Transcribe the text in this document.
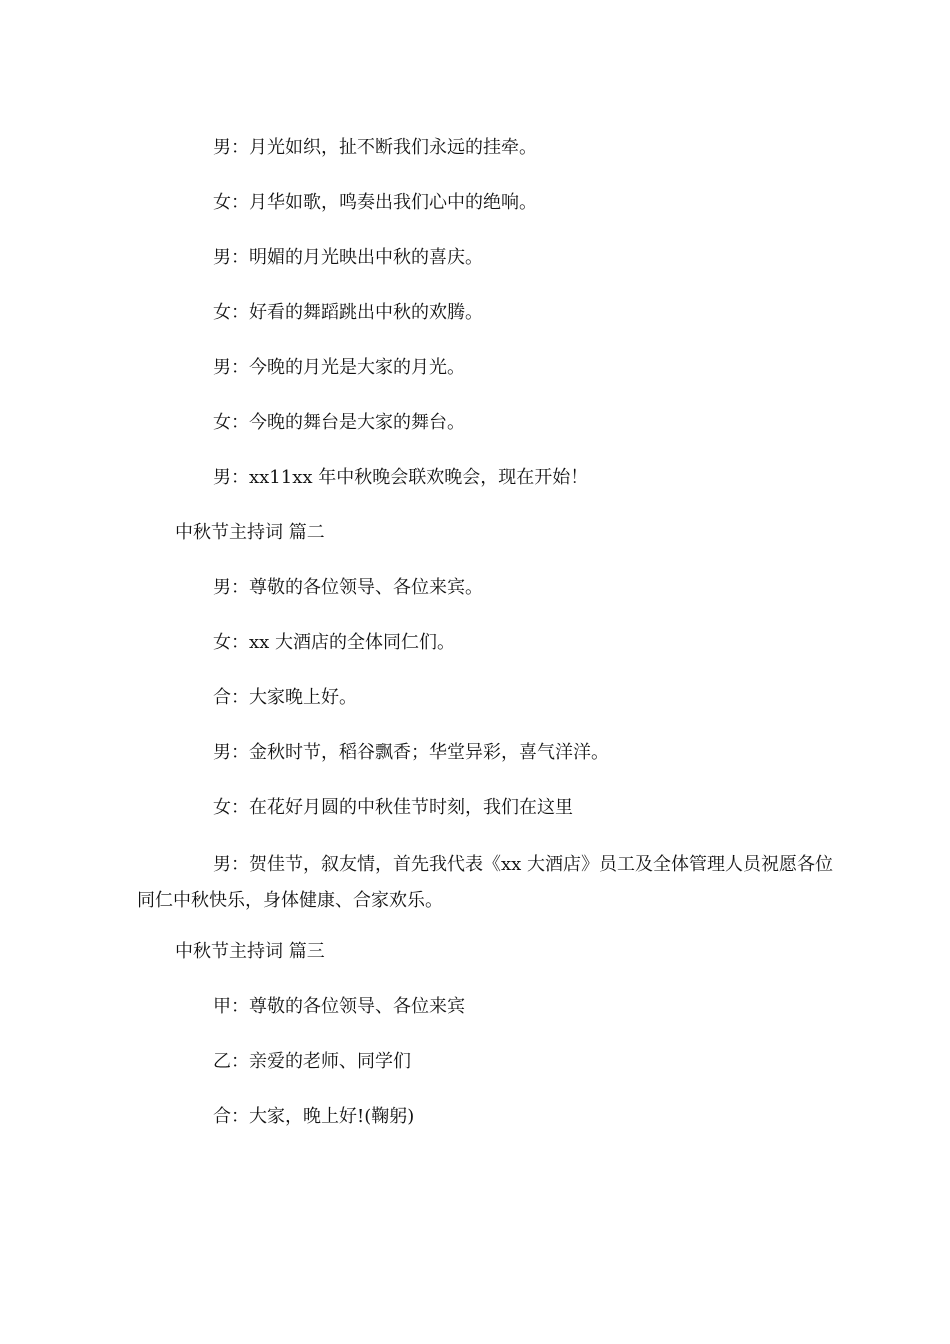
男：月光如织，扯不断我们永远的挂牵。
女：月华如歌，鸣奏出我们心中的绝响。
男：明媚的月光映出中秋的喜庆。
女：好看的舞蹈跳出中秋的欢腾。
男：今晚的月光是大家的月光。
女：今晚的舞台是大家的舞台。
男：xx11xx 年中秋晚会联欢晚会，现在开始！
中秋节主持词 篇二
男：尊敬的各位领导、各位来宾。
女：xx 大酒店的全体同仁们。
合：大家晚上好。
男：金秋时节，稻谷飘香；华堂异彩，喜气洋洋。
女：在花好月圆的中秋佳节时刻，我们在这里
男：贺佳节，叙友情，首先我代表《xx 大酒店》员工及全体管理人员祝愿各位同仁中秋快乐，身体健康、合家欢乐。
中秋节主持词 篇三
甲：尊敬的各位领导、各位来宾
乙：亲爱的老师、同学们
合：大家，晚上好!(鞠躬)
